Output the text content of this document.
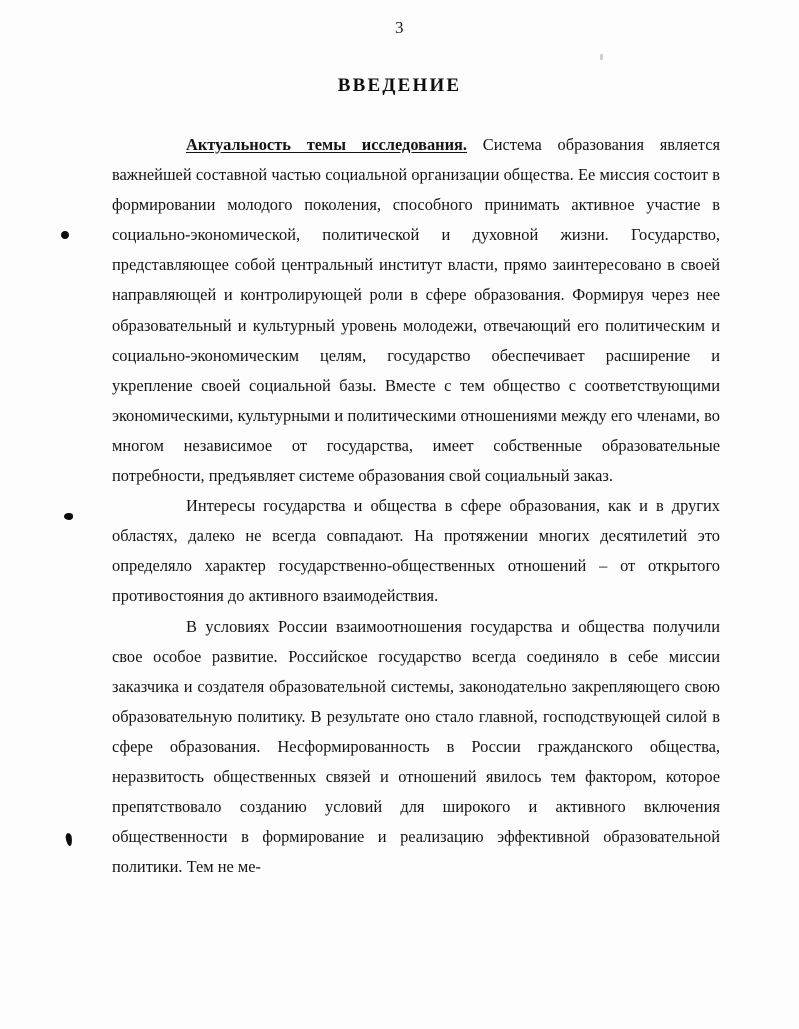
3
ВВЕДЕНИЕ

Актуальность темы исследования. Система образования является важнейшей составной частью социальной организации общества. Ее миссия состоит в формировании молодого поколения, способного принимать активное участие в социально-экономической, политической и духовной жизни. Государство, представляющее собой центральный институт власти, прямо заинтересовано в своей направляющей и контролирующей роли в сфере образования. Формируя через нее образовательный и культурный уровень молодежи, отвечающий его политическим и социально-экономическим целям, государство обеспечивает расширение и укрепление своей социальной базы. Вместе с тем общество с соответствующими экономическими, культурными и политическими отношениями между его членами, во многом независимое от государства, имеет собственные образовательные потребности, предъявляет системе образования свой социальный заказ.

Интересы государства и общества в сфере образования, как и в других областях, далеко не всегда совпадают. На протяжении многих десятилетий это определяло характер государственно-общественных отношений – от открытого противостояния до активного взаимодействия.

В условиях России взаимоотношения государства и общества получили свое особое развитие. Российское государство всегда соединяло в себе миссии заказчика и создателя образовательной системы, законодательно закрепляющего свою образовательную политику. В результате оно стало главной, господствующей силой в сфере образования. Несформированность в России гражданского общества, неразвитость общественных связей и отношений явилось тем фактором, которое препятствовало созданию условий для широкого и активного включения общественности в формирование и реализацию эффективной образовательной политики. Тем не ме-
